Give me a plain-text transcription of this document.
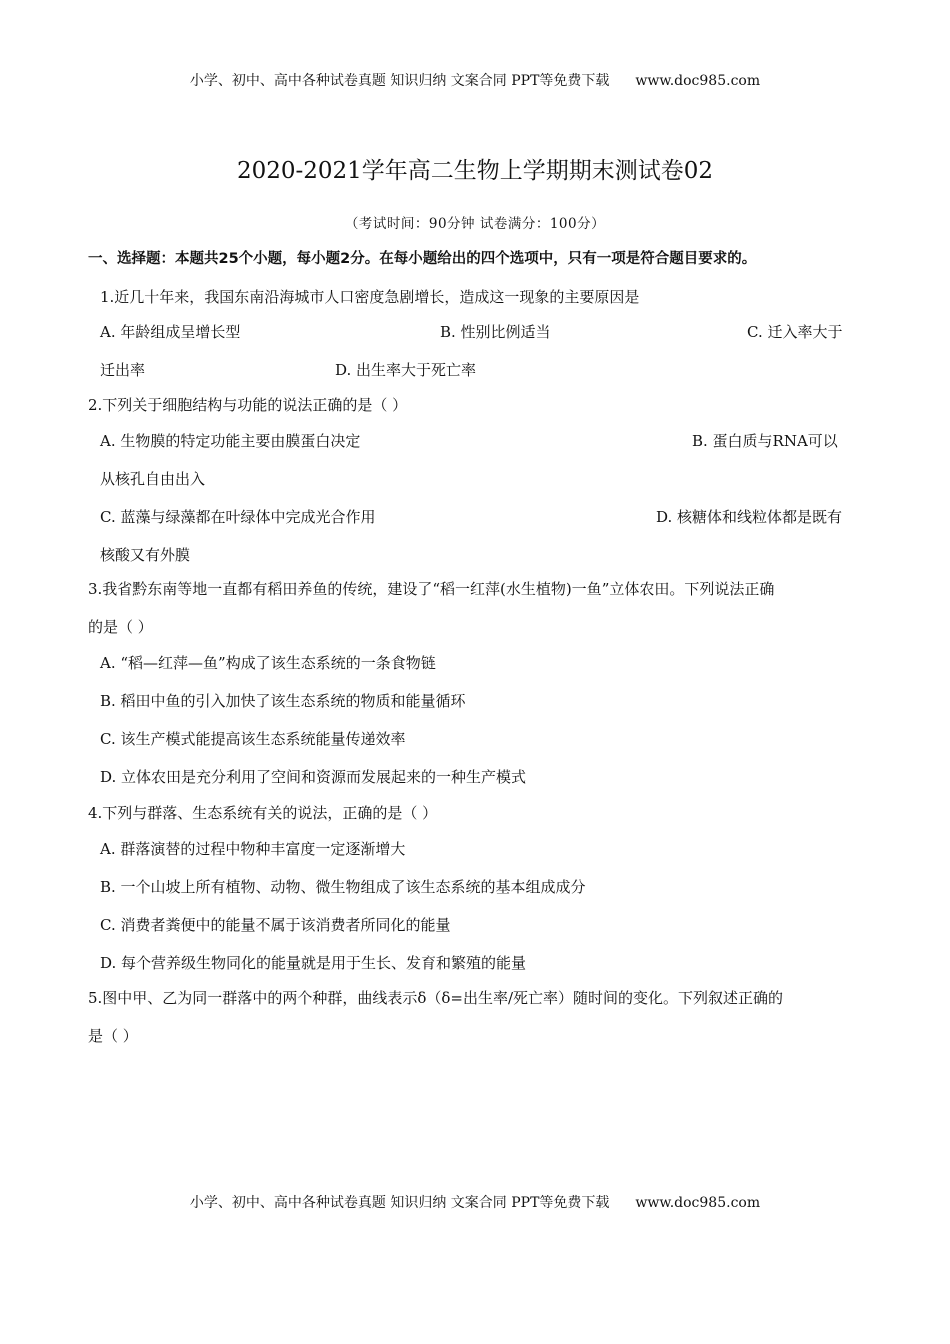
小学、初中、高中各种试卷真题 知识归纳 文案合同 PPT等免费下载 www.doc985.com
2020-2021学年高二生物上学期期末测试卷02
（考试时间：90分钟 试卷满分：100分）
一、选择题：本题共25个小题，每小题2分。在每小题给出的四个选项中，只有一项是符合题目要求的。
1.近几十年来，我国东南沿海城市人口密度急剧增长，造成这一现象的主要原因是
A. 年龄组成呈增长型	B. 性别比例适当	C. 迁入率大于
迁出率	D. 出生率大于死亡率
2.下列关于细胞结构与功能的说法正确的是（ ）
A. 生物膜的特定功能主要由膜蛋白决定	B. 蛋白质与RNA可以
从核孔自由出入
C. 蓝藻与绿藻都在叶绿体中完成光合作用	D. 核糖体和线粒体都是既有
核酸又有外膜
3.我省黔东南等地一直都有稻田养鱼的传统，建设了“稻一红萍(水生植物)一鱼”立体农田。下列说法正确
的是（ ）
A. “稻—红萍—鱼”构成了该生态系统的一条食物链
B. 稻田中鱼的引入加快了该生态系统的物质和能量循环
C. 该生产模式能提高该生态系统能量传递效率
D. 立体农田是充分利用了空间和资源而发展起来的一种生产模式
4.下列与群落、生态系统有关的说法，正确的是（ ）
A. 群落演替的过程中物种丰富度一定逐渐增大
B. 一个山坡上所有植物、动物、微生物组成了该生态系统的基本组成成分
C. 消费者粪便中的能量不属于该消费者所同化的能量
D. 每个营养级生物同化的能量就是用于生长、发育和繁殖的能量
5.图中甲、乙为同一群落中的两个种群，曲线表示δ（δ=出生率/死亡率）随时间的变化。下列叙述正确的
是（ ）
小学、初中、高中各种试卷真题 知识归纳 文案合同 PPT等免费下载 www.doc985.com
